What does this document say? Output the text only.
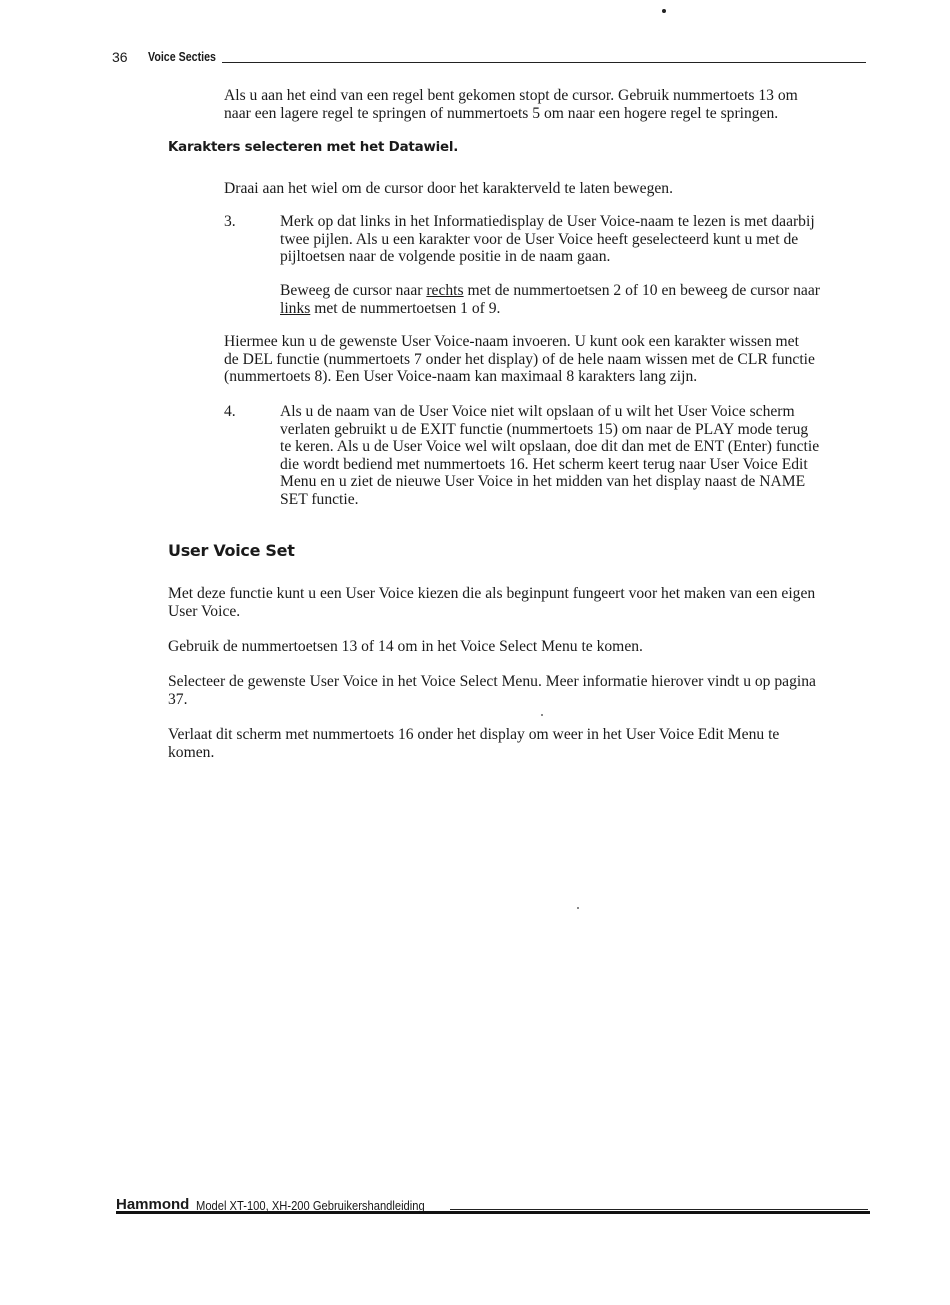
36 Voice Secties

Als u aan het eind van een regel bent gekomen stopt de cursor. Gebruik nummertoets 13 om

naar een lagere regel te springen of nummertoets 5 om naar een hogere regel te springen.

Karakters selecteren met het Datawiel.

Draai aan het wiel om de cursor door het karakterveld te laten bewegen.

3.	Merk op dat links in het Informatiedisplay de User Voice-naam te lezen is met daarbij

twee pijlen. Als u een karakter voor de User Voice heeft geselecteerd kunt u met de

pijltoetsen naar de volgende positie in de naam gaan.

Beweeg de cursor naar rechts met de nummertoetsen 2 of 10 en beweeg de cursor naar

links met de nummertoetsen 1 of 9.

Hiermee kun u de gewenste User Voice-naam invoeren. U kunt ook een karakter wissen met

de DEL functie (nummertoets 7 onder het display) of de hele naam wissen met de CLR functie

(nummertoets 8). Een User Voice-naam kan maximaal 8 karakters lang zijn.

4.	Als u de naam van de User Voice niet wilt opslaan of u wilt het User Voice scherm

verlaten gebruikt u de EXIT functie (nummertoets 15) om naar de PLAY mode terug

te keren. Als u de User Voice wel wilt opslaan, doe dit dan met de ENT (Enter) functie

die wordt bediend met nummertoets 16. Het scherm keert terug naar User Voice Edit

Menu en u ziet de nieuwe User Voice in het midden van het display naast de NAME

SET functie.

User Voice Set

Met deze functie kunt u een User Voice kiezen die als beginpunt fungeert voor het maken van een eigen

User Voice.

Gebruik de nummertoetsen 13 of 14 om in het Voice Select Menu te komen.

Selecteer de gewenste User Voice in het Voice Select Menu. Meer informatie hierover vindt u op pagina

37.

Verlaat dit scherm met nummertoets 16 onder het display om weer in het User Voice Edit Menu te

komen.

Hammond Model XT-100, XH-200 Gebruikershandleiding
